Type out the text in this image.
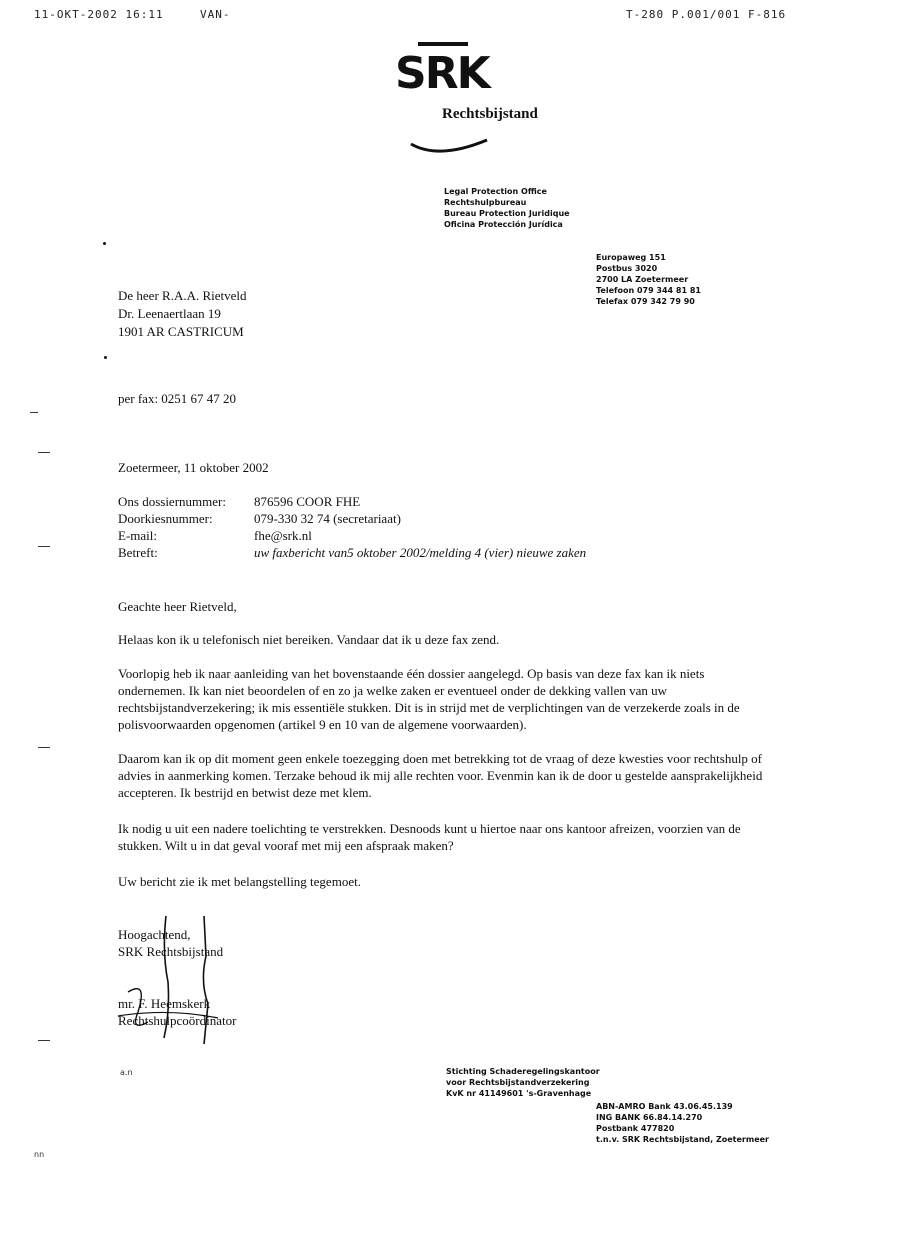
11-OKT-2002 16:11	VAN-	T-280 P.001/001 F-816
SRK
Rechtsbijstand
Legal Protection Office
Rechtshulpbureau
Bureau Protection Juridique
Oficina Protección Jurídica
Europaweg 151
Postbus 3020
2700 LA Zoetermeer
Telefoon 079 344 81 81
Telefax 079 342 79 90
De heer R.A.A. Rietveld
Dr. Leenaertlaan 19
1901 AR CASTRICUM
per fax: 0251 67 47 20
Zoetermeer, 11 oktober 2002
Ons dossiernummer: 876596 COOR FHE
Doorkiesnummer:	079-330 32 74 (secretariaat)
E-mail:	fhe@srk.nl
Betreft:	uw faxbericht van5 oktober 2002/melding 4 (vier) nieuwe zaken
Geachte heer Rietveld,
Helaas kon ik u telefonisch niet bereiken. Vandaar dat ik u deze fax zend.
Voorlopig heb ik naar aanleiding van het bovenstaande één dossier aangelegd. Op basis van deze fax kan ik niets ondernemen. Ik kan niet beoordelen of en zo ja welke zaken er eventueel onder de dekking vallen van uw rechtsbijstandverzekering; ik mis essentiële stukken. Dit is in strijd met de verplichtingen van de verzekerde zoals in de polisvoorwaarden opgenomen (artikel 9 en 10 van de algemene voorwaarden).
Daarom kan ik op dit moment geen enkele toezegging doen met betrekking tot de vraag of deze kwesties voor rechtshulp of advies in aanmerking komen. Terzake behoud ik mij alle rechten voor. Evenmin kan ik de door u gestelde aansprakelijkheid accepteren. Ik bestrijd en betwist deze met klem.
Ik nodig u uit een nadere toelichting te verstrekken. Desnoods kunt u hiertoe naar ons kantoor afreizen, voorzien van de stukken. Wilt u in dat geval vooraf met mij een afspraak maken?
Uw bericht zie ik met belangstelling tegemoet.
Hoogachtend,
SRK Rechtsbijstand
mr. F. Heemskerk
Rechtshulpcoördinator
Stichting Schaderegelingskantoor
voor Rechtsbijstandverzekering
KvK nr 41149601 's-Gravenhage
ABN-AMRO Bank 43.06.45.139
ING BANK 66.84.14.270
Postbank 477820
t.n.v. SRK Rechtsbijstand, Zoetermeer
a.n
nn
